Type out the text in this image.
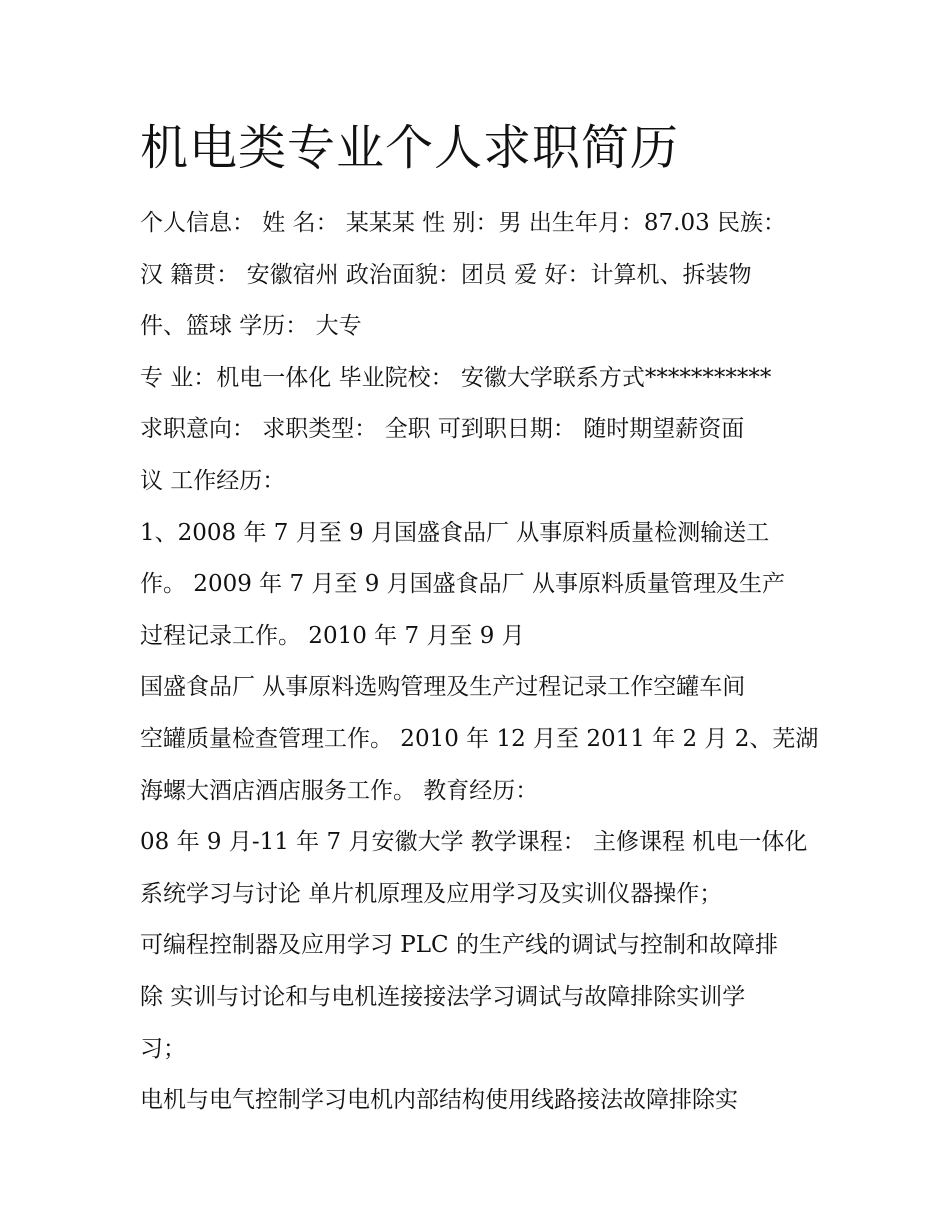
机电类专业个人求职简历

个人信息： 姓 名： 某某某 性 别：男 出生年月：87.03 民族：

汉 籍贯： 安徽宿州 政治面貌：团员 爱 好：计算机、拆装物

件、篮球 学历： 大专

专 业：机电一体化 毕业院校： 安徽大学联系方式***********

求职意向： 求职类型： 全职 可到职日期： 随时期望薪资面

议 工作经历：

1、2008 年 7 月至 9 月国盛食品厂 从事原料质量检测输送工

作。 2009 年 7 月至 9 月国盛食品厂 从事原料质量管理及生产

过程记录工作。 2010 年 7 月至 9 月

国盛食品厂 从事原料选购管理及生产过程记录工作空罐车间

空罐质量检查管理工作。 2010 年 12 月至 2011 年 2 月 2、芜湖

海螺大酒店酒店服务工作。 教育经历：

08 年 9 月-11 年 7 月安徽大学 教学课程： 主修课程 机电一体化

系统学习与讨论 单片机原理及应用学习及实训仪器操作；

可编程控制器及应用学习 PLC 的生产线的调试与控制和故障排

除 实训与讨论和与电机连接接法学习调试与故障排除实训学

习；

电机与电气控制学习电机内部结构使用线路接法故障排除实
